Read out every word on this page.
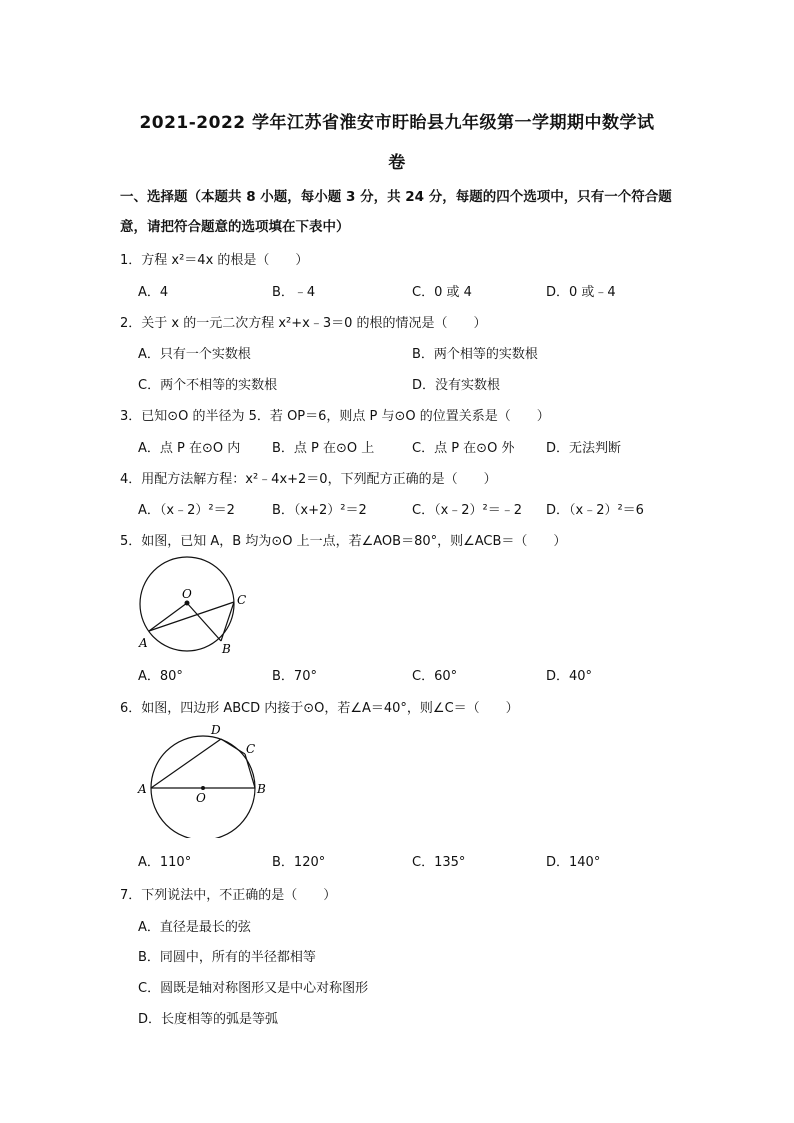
2021-2022 学年江苏省淮安市盱眙县九年级第一学期期中数学试
卷
一、选择题（本题共 8 小题，每小题 3 分，共 24 分，每题的四个选项中，只有一个符合题
意，请把符合题意的选项填在下表中）
1．方程 x²＝4x 的根是（　　）
A．4	B．﹣4	C．0 或 4	D．0 或﹣4
2．关于 x 的一元二次方程 x²+x﹣3＝0 的根的情况是（　　）
A．只有一个实数根	B．两个相等的实数根
C．两个不相等的实数根	D．没有实数根
3．已知⊙O 的半径为 5．若 OP＝6，则点 P 与⊙O 的位置关系是（　　）
A．点 P 在⊙O 内 B．点 P 在⊙O 上	C．点 P 在⊙O 外 D．无法判断
4．用配方法解方程：x²﹣4x+2＝0，下列配方正确的是（　　）
A．（x﹣2）²＝2	B．（x+2）²＝2	C．（x﹣2）²＝﹣2 D．（x﹣2）²＝6
5．如图，已知 A，B 均为⊙O 上一点，若∠AOB＝80°，则∠ACB＝（　　）
O	C
A	B
A．80°	B．70°	C．60°	D．40°
6．如图，四边形 ABCD 内接于⊙O，若∠A＝40°，则∠C＝（　　）
D
C
A
O
B
A．110°	B．120°	C．135°	D．140°
7．下列说法中，不正确的是（　　）
A．直径是最长的弦
B．同圆中，所有的半径都相等
C．圆既是轴对称图形又是中心对称图形
D．长度相等的弧是等弧
